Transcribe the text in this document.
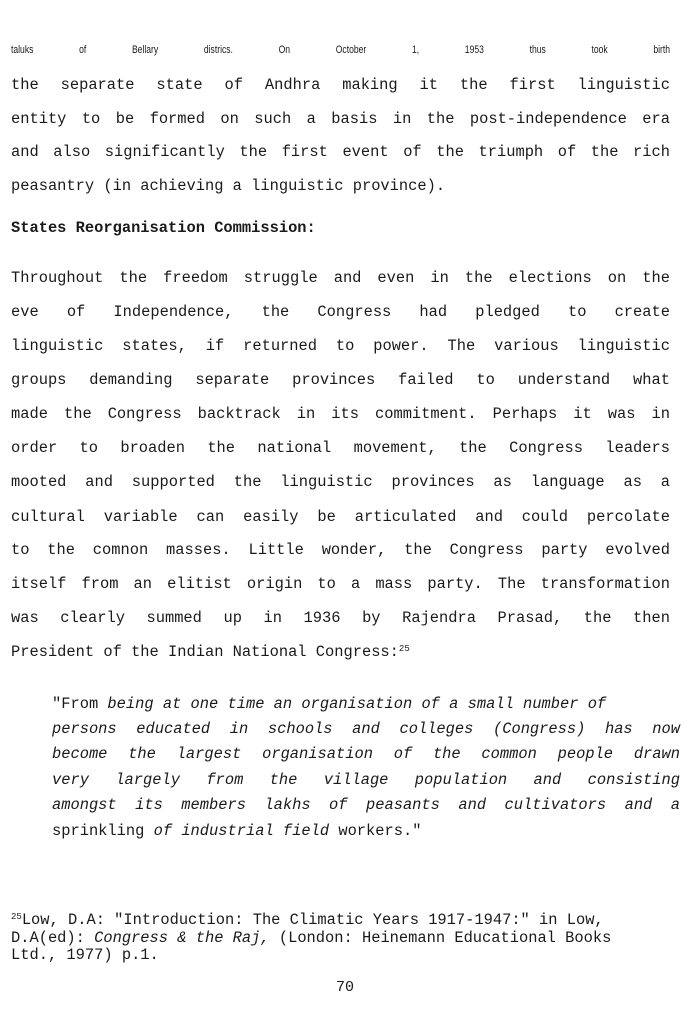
taluks	of	Bellary	districs.	On	October	1,	1953	thus	took	birth
the separate state of Andhra making it the first linguistic
entity to be formed on such a basis in the post-independence era
and also significantly the first event of the triumph of the rich
peasantry (in achieving a linguistic province).
States Reorganisation Commission:
Throughout the freedom struggle and even in the elections on the
eve of Independence, the Congress had pledged to create
linguistic states, if returned to power. The various linguistic
groups demanding separate provinces failed to understand what
made the Congress backtrack in its commitment. Perhaps it was in
order to broaden the national movement, the Congress leaders
mooted and supported the linguistic provinces as language as a
cultural variable can easily be articulated and could percolate
to the comnon masses. Little wonder, the Congress party evolved
itself from an elitist origin to a mass party. The transformation
was clearly summed up in 1936 by Rajendra Prasad, the then
President of the Indian National Congress:$^{25}$
"From being at one time an organisation of a small number of
persons educated in schools and colleges (Congress) has now
become the largest organisation of the common people drawn
very largely from the village population and consisting
amongst its members lakhs of peasants and cultivators and a
sprinkling of industrial field workers."
$^{25}$Low, D.A: "Introduction: The Climatic Years 1917-1947:" in Low,
D.A(ed): Congress & the Raj, (London: Heinemann Educational Books
Ltd., 1977) p.1.
70
